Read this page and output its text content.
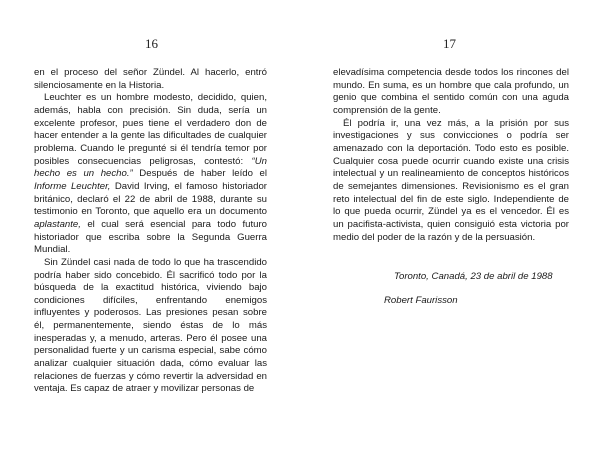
16

en el proceso del señor Zündel. Al hacerlo, entró silenciosamente en la Historia.

Leuchter es un hombre modesto, decidido, quien, además, habla con precisión. Sin duda, sería un excelente profesor, pues tiene el verdadero don de hacer entender a la gente las dificultades de cualquier problema. Cuando le pregunté si él tendría temor por posibles consecuencias peligrosas, contestó: “Un hecho es un hecho.” Después de haber leído el Informe Leuchter, David Irving, el famoso historiador británico, declaró el 22 de abril de 1988, durante su testimonio en Toronto, que aquello era un documento aplastante, el cual será esencial para todo futuro historiador que escriba sobre la Segunda Guerra Mundial.

Sin Zündel casi nada de todo lo que ha trascendido podría haber sido concebido. Él sacrificó todo por la búsqueda de la exactitud histórica, viviendo bajo condiciones difíciles, enfrentando enemigos influyentes y poderosos. Las presiones pesan sobre él, permanentemente, siendo éstas de lo más inesperadas y, a menudo, arteras. Pero él posee una personalidad fuerte y un carisma especial, sabe cómo analizar cualquier situación dada, cómo evaluar las relaciones de fuerzas y cómo revertir la adversidad en ventaja. Es capaz de atraer y movilizar personas de

17

elevadísima competencia desde todos los rincones del mundo. En suma, es un hombre que cala profundo, un genio que combina el sentido común con una aguda comprensión de la gente.

Él podría ir, una vez más, a la prisión por sus investigaciones y sus convicciones o podría ser amenazado con la deportación. Todo esto es posible. Cualquier cosa puede ocurrir cuando existe una crisis intelectual y un realineamiento de conceptos históricos de semejantes dimensiones. Revisionismo es el gran reto intelectual del fin de este siglo. Independiente de lo que pueda ocurrir, Zündel ya es el vencedor. Él es un pacifista-activista, quien consiguió esta victoria por medio del poder de la razón y de la persuasión.

Toronto, Canadá, 23 de abril de 1988
Robert Faurisson
